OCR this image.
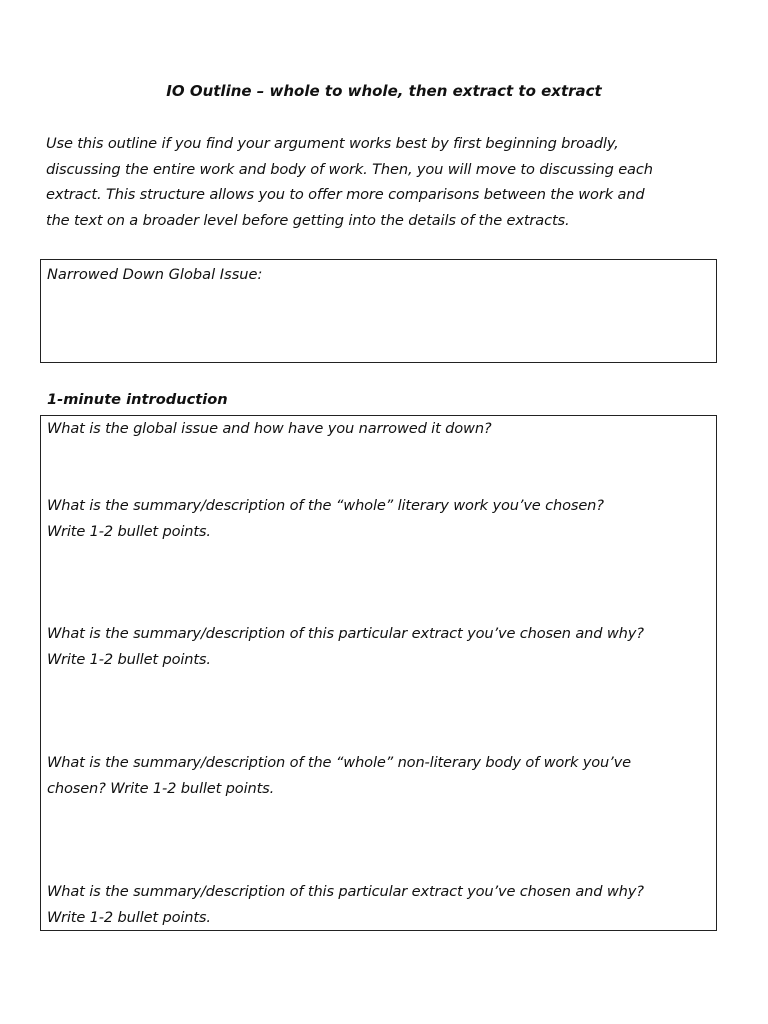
IO Outline – whole to whole, then extract to extract

Use this outline if you find your argument works best by first beginning broadly,
discussing the entire work and body of work. Then, you will move to discussing each
extract. This structure allows you to offer more comparisons between the work and
the text on a broader level before getting into the details of the extracts.

Narrowed Down Global Issue:
1-minute introduction

What is the global issue and how have you narrowed it down?

What is the summary/description of the “whole” literary work you’ve chosen?
Write 1-2 bullet points.

What is the summary/description of this particular extract you’ve chosen and why?
Write 1-2 bullet points.

What is the summary/description of the “whole” non-literary body of work you’ve
chosen? Write 1-2 bullet points.

What is the summary/description of this particular extract you’ve chosen and why?
Write 1-2 bullet points.
